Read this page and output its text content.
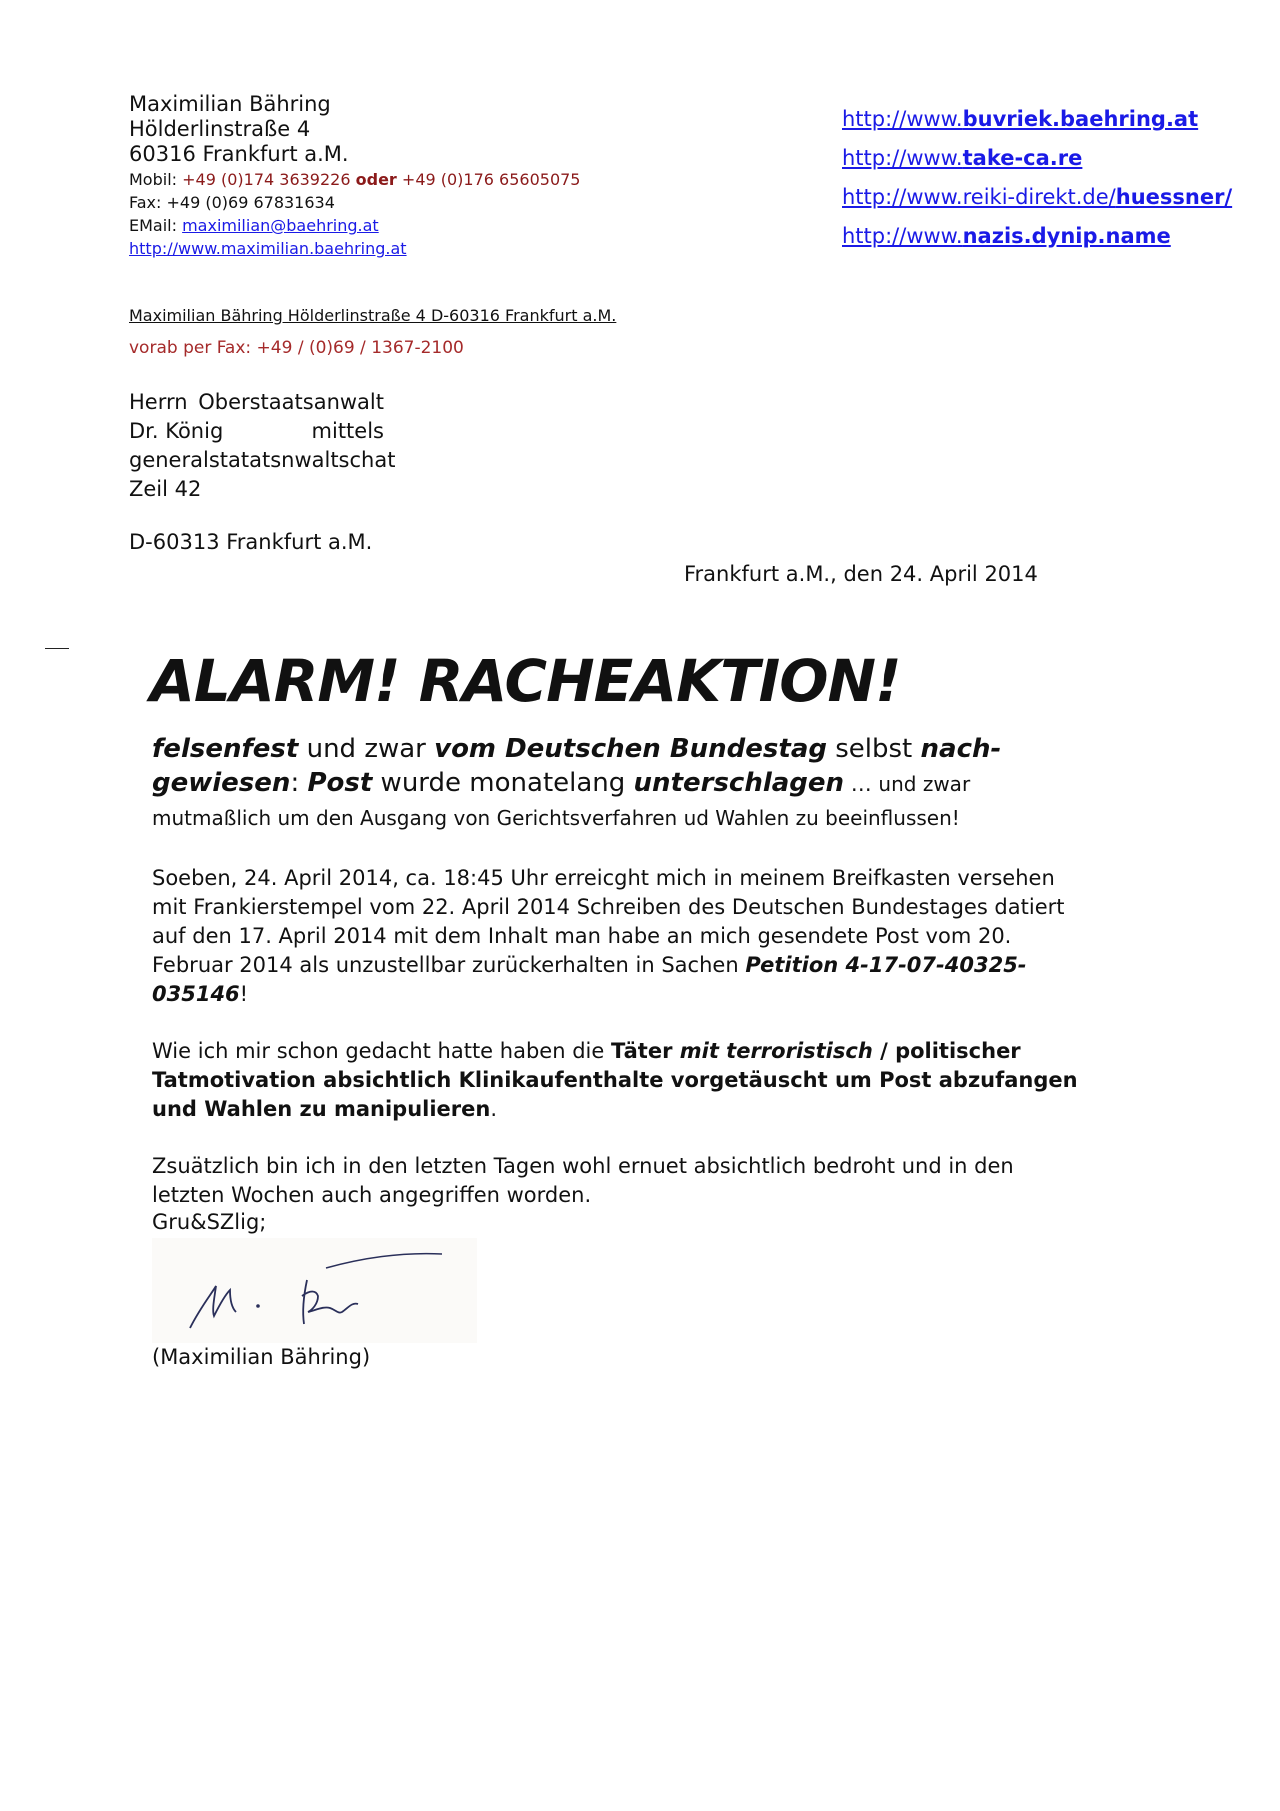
Maximilian Bähring
Hölderlinstraße 4
60316 Frankfurt a.M.
Mobil: +49 (0)174 3639226 oder +49 (0)176 65605075
Fax: +49 (0)69 67831634
EMail: maximilian@baehring.at
http://www.maximilian.baehring.at
http://www.buvriek.baehring.at
http://www.take-ca.re
http://www.reiki-direkt.de/huessner/
http://www.nazis.dynip.name
Maximilian Bähring Hölderlinstraße 4 D-60316 Frankfurt a.M.
vorab per Fax: +49 / (0)69 / 1367-2100
Herrn Oberstaatsanwalt
Dr. König	mittels
generalstatatsnwaltschat
Zeil 42
D-60313 Frankfurt a.M.
Frankfurt a.M., den 24. April 2014
ALARM! RACHEAKTION!
felsenfest und zwar vom Deutschen Bundestag selbst nach-gewiesen: Post wurde monatelang unterschlagen … und zwar
mutmaßlich um den Ausgang von Gerichtsverfahren ud Wahlen zu beeinflussen!

Soeben, 24. April 2014, ca. 18:45 Uhr erreicght mich in meinem Breifkasten versehen mit Frankierstempel vom 22. April 2014 Schreiben des Deutschen Bundestages datiert auf den 17. April 2014 mit dem Inhalt man habe an mich gesendete Post vom 20. Februar 2014 als unzustellbar zurückerhalten in Sachen Petition 4-17-07-40325-035146!

Wie ich mir schon gedacht hatte haben die Täter mit terroristisch / politischer Tatmotivation absichtlich Klinikaufenthalte vorgetäuscht um Post abzufangen und Wahlen zu manipulieren.

Zsuätzlich bin ich in den letzten Tagen wohl ernuet absichtlich bedroht und in den letzten Wochen auch angegriffen worden.

Gru&SZlig;
(Maximilian Bähring)
